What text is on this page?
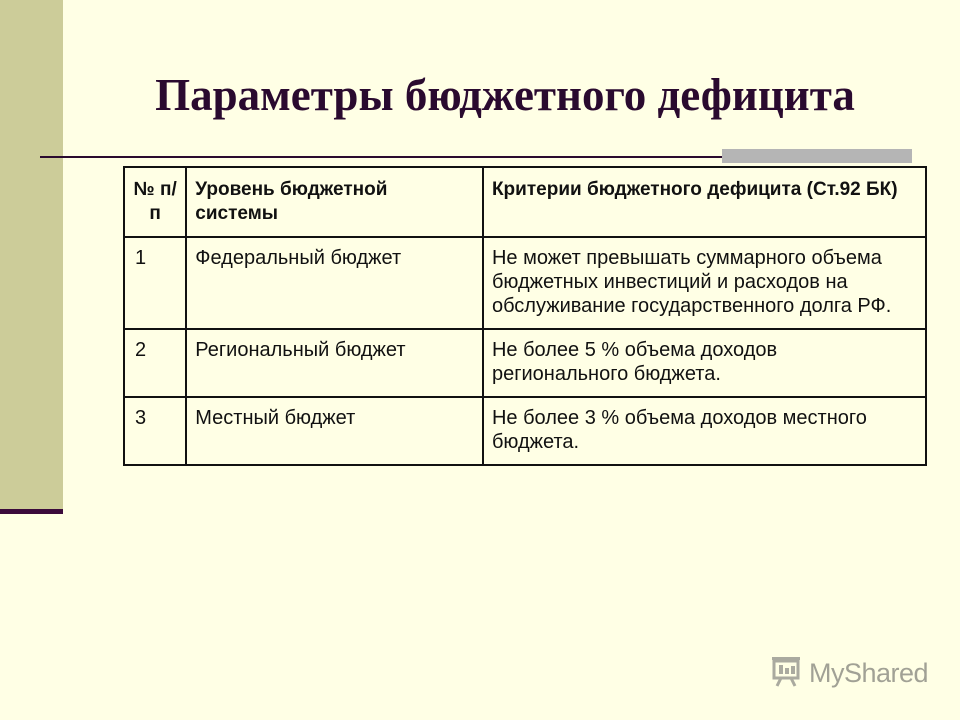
Параметры бюджетного дефицита
№ п/п	Уровень бюджетной системы	Критерии бюджетного дефицита (Ст.92 БК)
1	Федеральный бюджет	Не может превышать суммарного объема бюджетных инвестиций и расходов на обслуживание государственного долга РФ.
2	Региональный бюджет	Не более 5 % объема доходов регионального бюджета.
3	Местный бюджет	Не более 3 % объема доходов местного бюджета.
MyShared
